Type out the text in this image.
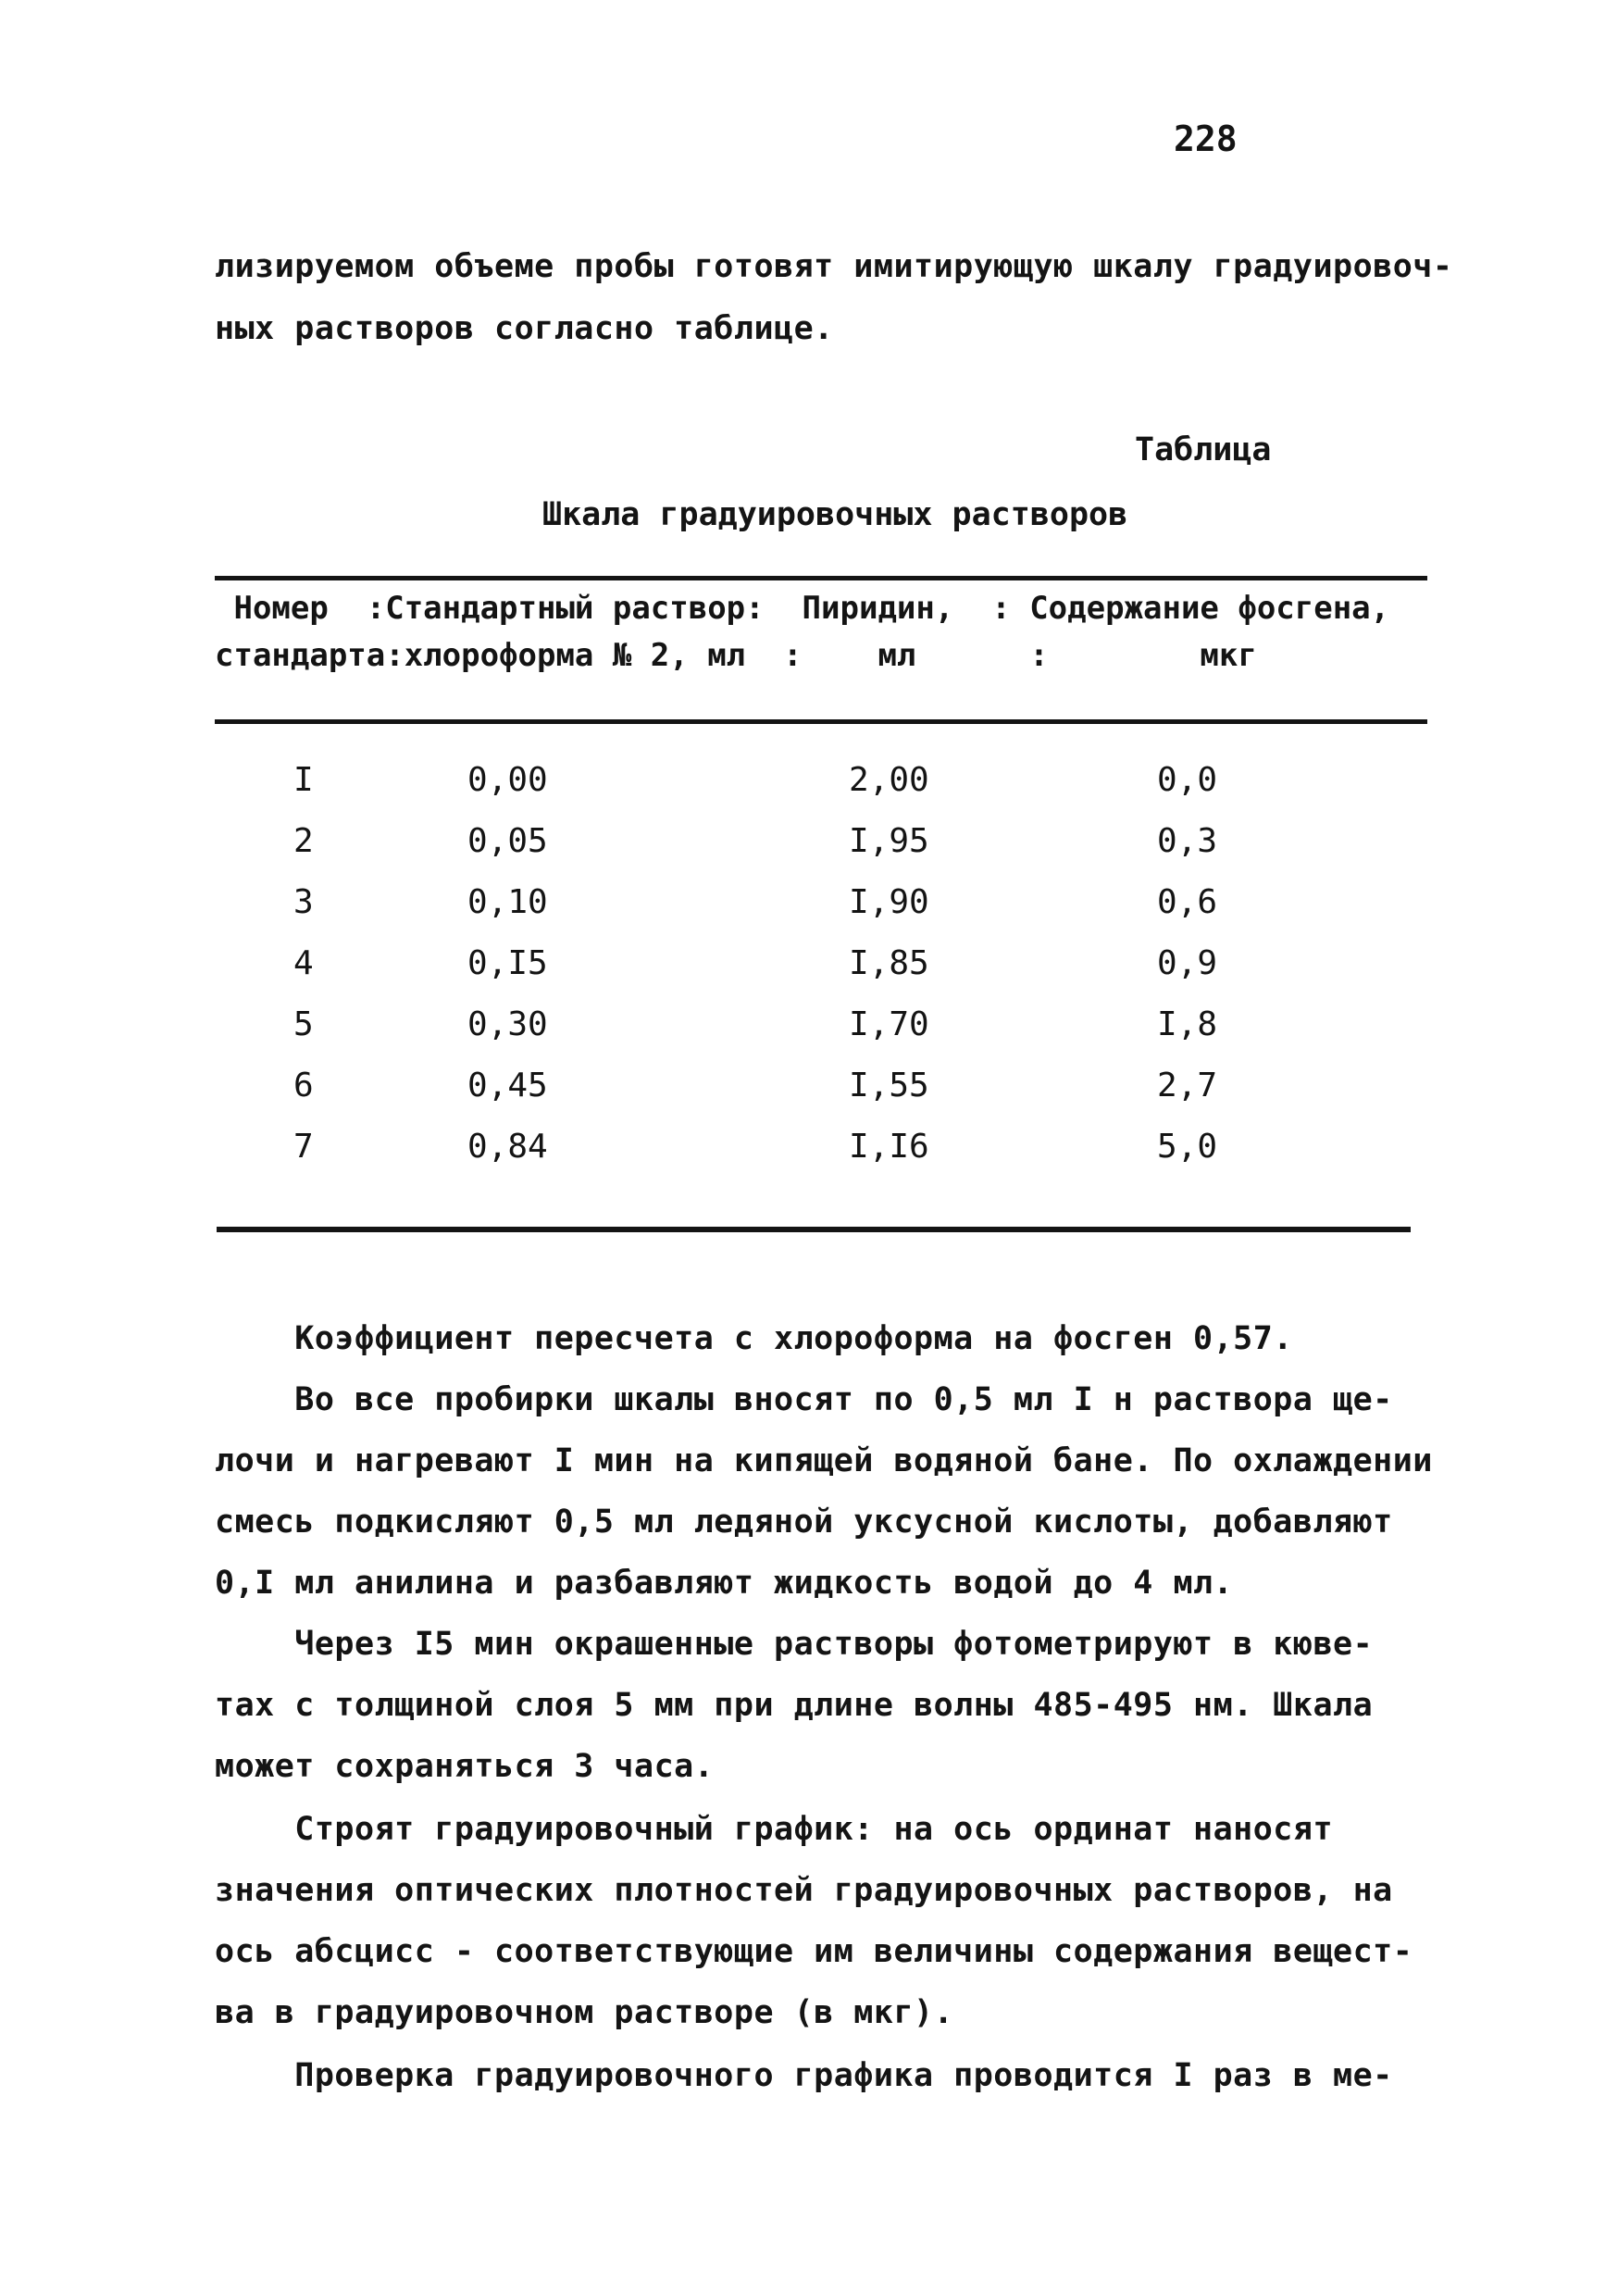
228
лизируемом объеме пробы готовят имитирующую шкалу градуировоч-
ных растворов согласно таблице.
Таблица
Шкала градуировочных растворов
Номер  :Стандартный раствор:  Пиридин,  : Содержание фосгена,
стандарта:хлороформа № 2, мл  :    мл      :        мкг
I	0,00	2,00	0,0
2	0,05	I,95	0,3
3	0,10	I,90	0,6
4	0,I5	I,85	0,9
5	0,30	I,70	I,8
6	0,45	I,55	2,7
7	0,84	I,I6	5,0
Коэффициент пересчета с хлороформа на фосген 0,57.
Во все пробирки шкалы вносят по 0,5 мл I н раствора ще-
лочи и нагревают I мин на кипящей водяной бане. По охлаждении
смесь подкисляют 0,5 мл ледяной уксусной кислоты, добавляют
0,I мл анилина и разбавляют жидкость водой до 4 мл.
Через I5 мин окрашенные растворы фотометрируют в кюве-
тах с толщиной слоя 5 мм при длине волны 485-495 нм. Шкала
может сохраняться 3 часа.
Строят градуировочный график: на ось ординат наносят
значения оптических плотностей градуировочных растворов, на
ось абсцисс - соответствующие им величины содержания вещест-
ва в градуировочном растворе (в мкг).
Проверка градуировочного графика проводится I раз в ме-
